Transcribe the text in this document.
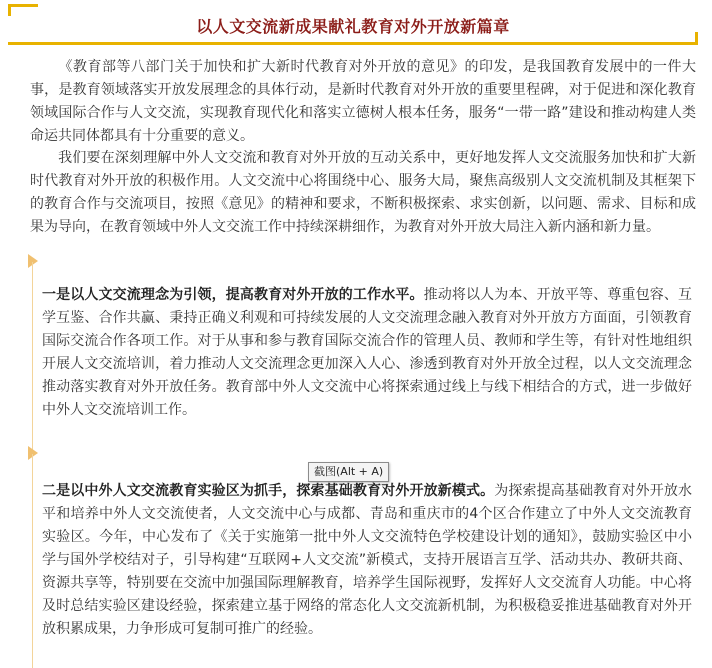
以人文交流新成果献礼教育对外开放新篇章

《教育部等八部门关于加快和扩大新时代教育对外开放的意见》的印发，是我国教育发展中的一件大事，是教育领域落实开放发展理念的具体行动，是新时代教育对外开放的重要里程碑，对于促进和深化教育领域国际合作与人文交流，实现教育现代化和落实立德树人根本任务，服务“一带一路”建设和推动构建人类命运共同体都具有十分重要的意义。

我们要在深刻理解中外人文交流和教育对外开放的互动关系中，更好地发挥人文交流服务加快和扩大新时代教育对外开放的积极作用。人文交流中心将围绕中心、服务大局，聚焦高级别人文交流机制及其框架下的教育合作与交流项目，按照《意见》的精神和要求，不断积极探索、求实创新，以问题、需求、目标和成果为导向，在教育领域中外人文交流工作中持续深耕细作，为教育对外开放大局注入新内涵和新力量。

一是以人文交流理念为引领，提高教育对外开放的工作水平。推动将以人为本、开放平等、尊重包容、互学互鉴、合作共赢、秉持正确义利观和可持续发展的人文交流理念融入教育对外开放方方面面，引领教育国际交流合作各项工作。对于从事和参与教育国际交流合作的管理人员、教师和学生等，有针对性地组织开展人文交流培训，着力推动人文交流理念更加深入人心、渗透到教育对外开放全过程，以人文交流理念推动落实教育对外开放任务。教育部中外人文交流中心将探索通过线上与线下相结合的方式，进一步做好中外人文交流培训工作。

二是以中外人文交流教育实验区为抓手，探索基础教育对外开放新模式。为探索提高基础教育对外开放水平和培养中外人文交流使者，人文交流中心与成都、青岛和重庆市的4个区合作建立了中外人文交流教育实验区。今年，中心发布了《关于实施第一批中外人文交流特色学校建设计划的通知》，鼓励实验区中小学与国外学校结对子，引导构建“互联网+人文交流”新模式，支持开展语言互学、活动共办、教研共商、资源共享等，特别要在交流中加强国际理解教育，培养学生国际视野，发挥好人文交流育人功能。中心将及时总结实验区建设经验，探索建立基于网络的常态化人文交流新机制，为积极稳妥推进基础教育对外开放积累成果，力争形成可复制可推广的经验。

截图(Alt + A)
